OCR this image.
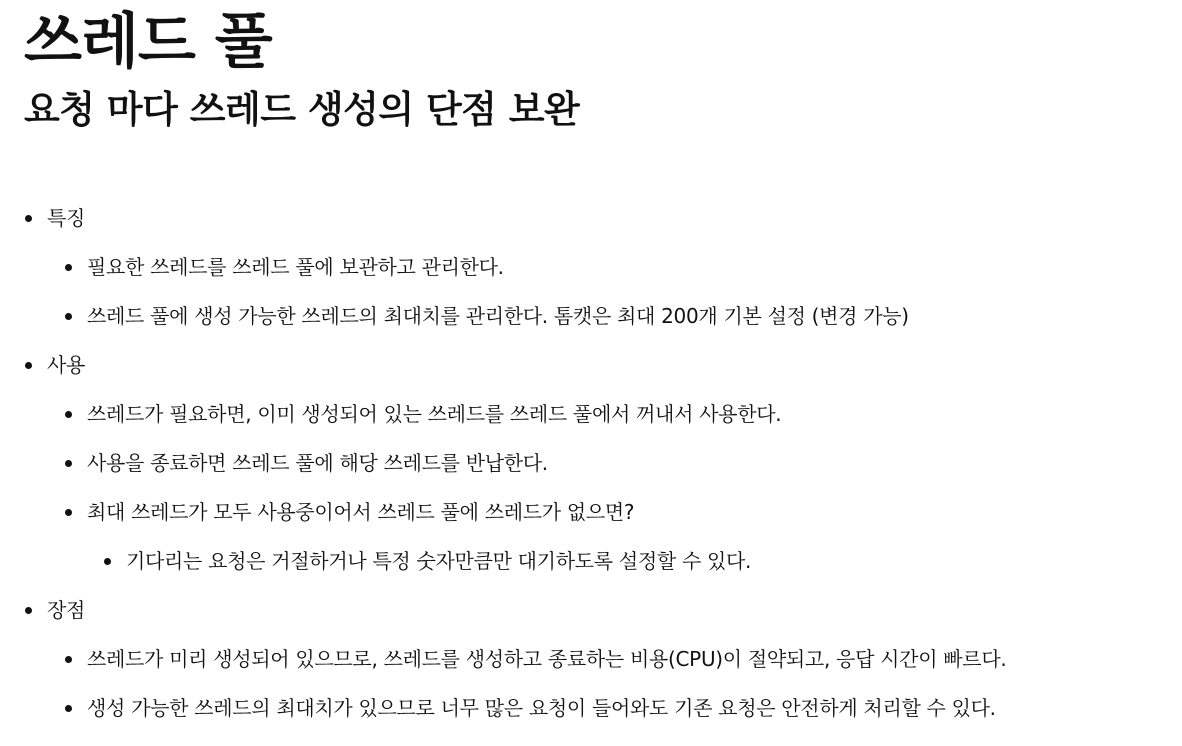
쓰레드 풀
요청 마다 쓰레드 생성의 단점 보완
특징
필요한 쓰레드를 쓰레드 풀에 보관하고 관리한다.
쓰레드 풀에 생성 가능한 쓰레드의 최대치를 관리한다. 톰캣은 최대 200개 기본 설정 (변경 가능)
사용
쓰레드가 필요하면, 이미 생성되어 있는 쓰레드를 쓰레드 풀에서 꺼내서 사용한다.
사용을 종료하면 쓰레드 풀에 해당 쓰레드를 반납한다.
최대 쓰레드가 모두 사용중이어서 쓰레드 풀에 쓰레드가 없으면?
기다리는 요청은 거절하거나 특정 숫자만큼만 대기하도록 설정할 수 있다.
장점
쓰레드가 미리 생성되어 있으므로, 쓰레드를 생성하고 종료하는 비용(CPU)이 절약되고, 응답 시간이 빠르다.
생성 가능한 쓰레드의 최대치가 있으므로 너무 많은 요청이 들어와도 기존 요청은 안전하게 처리할 수 있다.
